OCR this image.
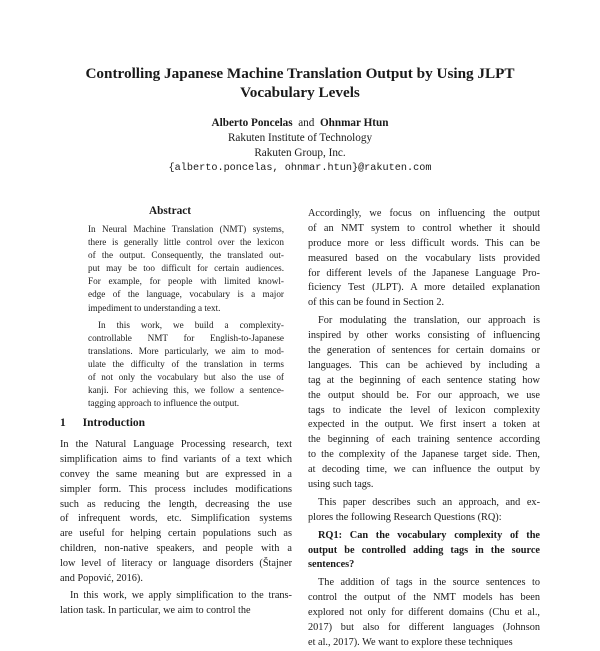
Controlling Japanese Machine Translation Output by Using JLPT
Vocabulary Levels
Alberto Poncelas and Ohnmar Htun
Rakuten Institute of Technology
Rakuten Group, Inc.
{alberto.poncelas, ohnmar.htun}@rakuten.com
Abstract
In Neural Machine Translation (NMT) systems,
there is generally little control over the lexicon
of the output. Consequently, the translated out-
put may be too difficult for certain audiences.
For example, for people with limited knowl-
edge of the language, vocabulary is a major
impediment to understanding a text.
In this work, we build a complexity-
controllable NMT for English-to-Japanese
translations. More particularly, we aim to mod-
ulate the difficulty of the translation in terms
of not only the vocabulary but also the use of
kanji. For achieving this, we follow a sentence-
tagging approach to influence the output.
1 Introduction
In the Natural Language Processing research, text
simplification aims to find variants of a text which
convey the same meaning but are expressed in a
simpler form. This process includes modifications
such as reducing the length, decreasing the use
of infrequent words, etc. Simplification systems
are useful for helping certain populations such as
children, non-native speakers, and people with a
low level of literacy or language disorders (Štajner
and Popović, 2016).
In this work, we apply simplification to the trans-
lation task. In particular, we aim to control the
Accordingly, we focus on influencing the output
of an NMT system to control whether it should
produce more or less difficult words. This can be
measured based on the vocabulary lists provided
for different levels of the Japanese Language Pro-
ficiency Test (JLPT). A more detailed explanation
of this can be found in Section 2.
For modulating the translation, our approach is
inspired by other works consisting of influencing
the generation of sentences for certain domains or
languages. This can be achieved by including a
tag at the beginning of each sentence stating how
the output should be. For our approach, we use
tags to indicate the level of lexicon complexity
expected in the output. We first insert a token at
the beginning of each training sentence according
to the complexity of the Japanese target side. Then,
at decoding time, we can influence the output by
using such tags.
This paper describes such an approach, and ex-
plores the following Research Questions (RQ):
RQ1: Can the vocabulary complexity of the
output be controlled adding tags in the source
sentences?
The addition of tags in the source sentences to
control the output of the NMT models has been
explored not only for different domains (Chu et al.,
2017) but also for different languages (Johnson
et al., 2017). We want to explore these techniques
